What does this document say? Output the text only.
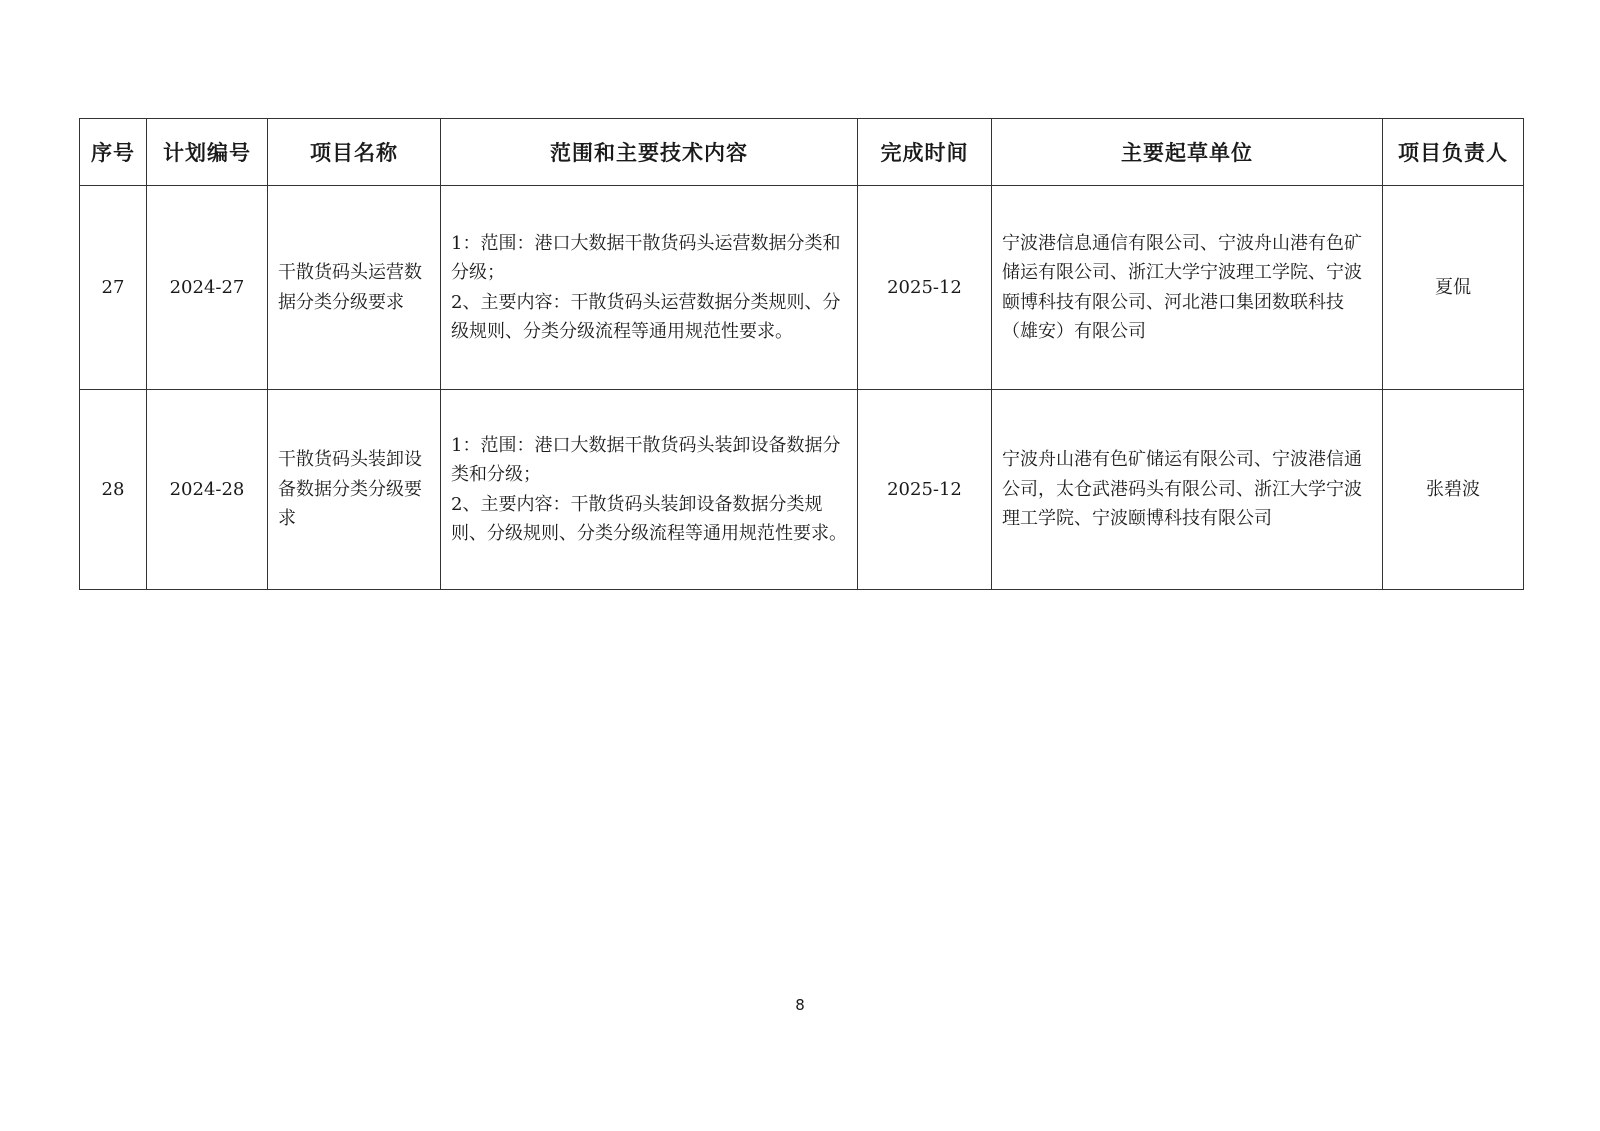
序号	计划编号	项目名称	范围和主要技术内容	完成时间	主要起草单位	项目负责人
27	2024-27	干散货码头运营数据分类分级要求	1：范围：港口大数据干散货码头运营数据分类和分级；
2、主要内容：干散货码头运营数据分类规则、分级规则、分类分级流程等通用规范性要求。	2025-12	宁波港信息通信有限公司、宁波舟山港有色矿储运有限公司、浙江大学宁波理工学院、宁波颐博科技有限公司、河北港口集团数联科技（雄安）有限公司	夏侃
28	2024-28	干散货码头装卸设备数据分类分级要求	1：范围：港口大数据干散货码头装卸设备数据分类和分级；
2、主要内容：干散货码头装卸设备数据分类规则、分级规则、分类分级流程等通用规范性要求。	2025-12	宁波舟山港有色矿储运有限公司、宁波港信通公司，太仓武港码头有限公司、浙江大学宁波理工学院、宁波颐博科技有限公司	张碧波
8
